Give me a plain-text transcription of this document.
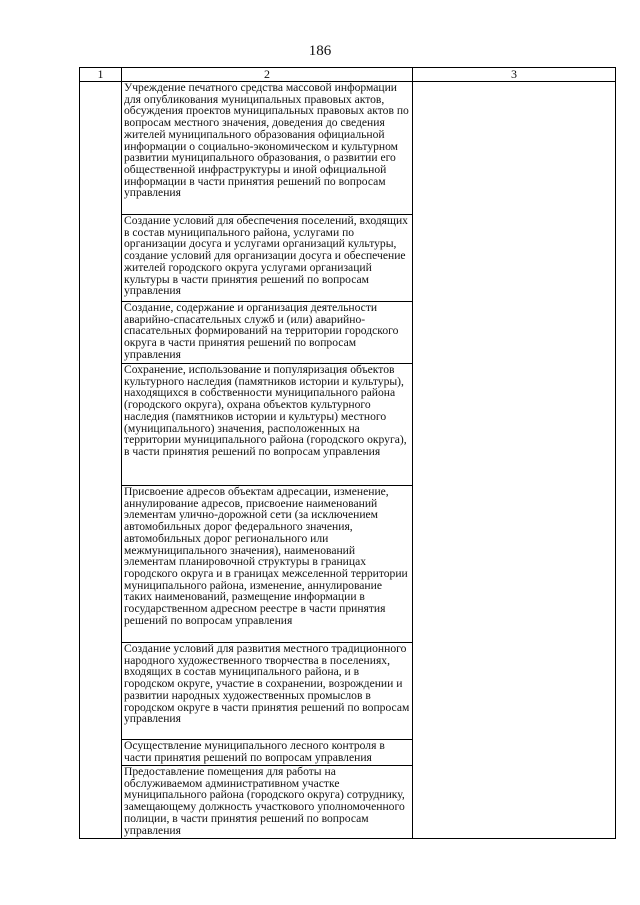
186
1	2	3

	Учреждение печатного средства массовой информации для опубликования муниципальных правовых актов, обсуждения проектов муниципальных правовых актов по вопросам местного значения, доведения до сведения жителей муниципального образования официальной информации о социально-экономическом и культурном развитии муниципального образования, о развитии его общественной инфраструктуры и иной официальной информации в части принятия решений по вопросам управления	

	Создание условий для обеспечения поселений, входящих в состав муниципального района, услугами по организации досуга и услугами организаций культуры, создание условий для организации досуга и обеспечение жителей городского округа услугами организаций культуры в части принятия решений по вопросам управления	

	Создание, содержание и организация деятельности аварийно-спасательных служб и (или) аварийно-спасательных формирований на территории городского округа в части принятия решений по вопросам управления	

	Сохранение, использование и популяризация объектов культурного наследия (памятников истории и культуры), находящихся в собственности муниципального района (городского округа), охрана объектов культурного наследия (памятников истории и культуры) местного (муниципального) значения, расположенных на территории муниципального района (городского округа), в части принятия решений по вопросам управления	

	Присвоение адресов объектам адресации, изменение, аннулирование адресов, присвоение наименований элементам улично-дорожной сети (за исключением автомобильных дорог федерального значения, автомобильных дорог регионального или межмуниципального значения), наименований элементам планировочной структуры в границах городского округа и в границах межселенной территории муниципального района, изменение, аннулирование таких наименований, размещение информации в государственном адресном реестре в части принятия решений по вопросам управления	

	Создание условий для развития местного традиционного народного художественного творчества в поселениях, входящих в состав муниципального района, и в городском округе, участие в сохранении, возрождении и развитии народных художественных промыслов в городском округе в части принятия решений по вопросам управления	

	Осуществление муниципального лесного контроля в части принятия решений по вопросам управления	

	Предоставление помещения для работы на обслуживаемом административном участке муниципального района (городского округа) сотруднику, замещающему должность участкового уполномоченного полиции, в части принятия решений по вопросам управления	
